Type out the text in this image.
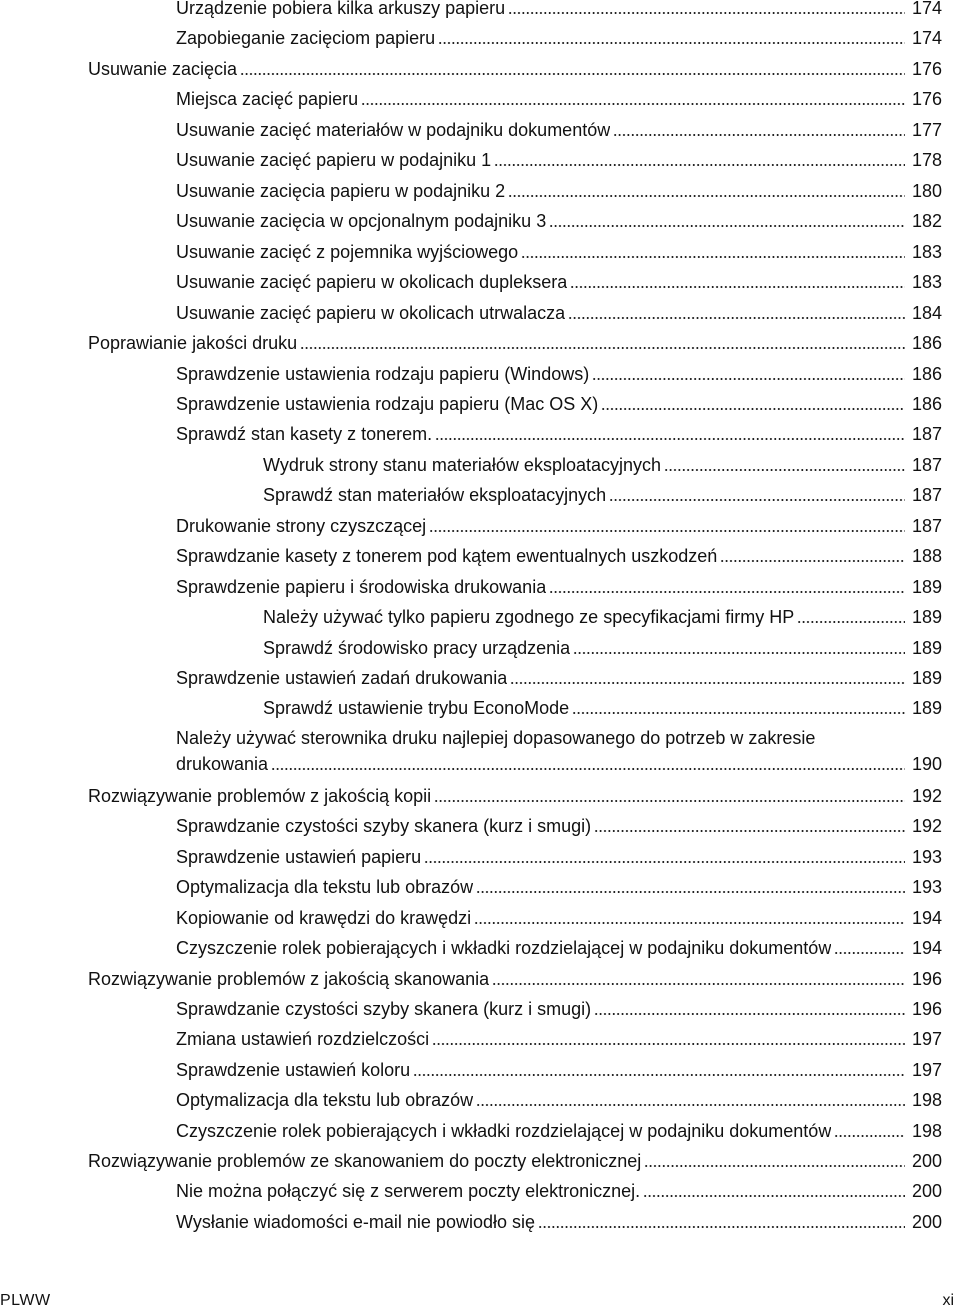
Urządzenie pobiera kilka arkuszy papieru	174
Zapobieganie zacięciom papieru	174
Usuwanie zacięcia	176
Miejsca zacięć papieru	176
Usuwanie zacięć materiałów w podajniku dokumentów	177
Usuwanie zacięć papieru w podajniku 1	178
Usuwanie zacięcia papieru w podajniku 2	180
Usuwanie zacięcia w opcjonalnym podajniku 3	182
Usuwanie zacięć z pojemnika wyjściowego	183
Usuwanie zacięć papieru w okolicach dupleksera	183
Usuwanie zacięć papieru w okolicach utrwalacza	184
Poprawianie jakości druku	186
Sprawdzenie ustawienia rodzaju papieru (Windows)	186
Sprawdzenie ustawienia rodzaju papieru (Mac OS X)	186
Sprawdź stan kasety z tonerem.	187
Wydruk strony stanu materiałów eksploatacyjnych	187
Sprawdź stan materiałów eksploatacyjnych	187
Drukowanie strony czyszczącej	187
Sprawdzanie kasety z tonerem pod kątem ewentualnych uszkodzeń	188
Sprawdzenie papieru i środowiska drukowania	189
Należy używać tylko papieru zgodnego ze specyfikacjami firmy HP	189
Sprawdź środowisko pracy urządzenia	189
Sprawdzenie ustawień zadań drukowania	189
Sprawdź ustawienie trybu EconoMode	189
Należy używać sterownika druku najlepiej dopasowanego do potrzeb w zakresie
drukowania	190
Rozwiązywanie problemów z jakością kopii	192
Sprawdzanie czystości szyby skanera (kurz i smugi)	192
Sprawdzenie ustawień papieru	193
Optymalizacja dla tekstu lub obrazów	193
Kopiowanie od krawędzi do krawędzi	194
Czyszczenie rolek pobierających i wkładki rozdzielającej w podajniku dokumentów	194
Rozwiązywanie problemów z jakością skanowania	196
Sprawdzanie czystości szyby skanera (kurz i smugi)	196
Zmiana ustawień rozdzielczości	197
Sprawdzenie ustawień koloru	197
Optymalizacja dla tekstu lub obrazów	198
Czyszczenie rolek pobierających i wkładki rozdzielającej w podajniku dokumentów	198
Rozwiązywanie problemów ze skanowaniem do poczty elektronicznej	200
Nie można połączyć się z serwerem poczty elektronicznej.	200
Wysłanie wiadomości e-mail nie powiodło się	200
PLWW	xi
